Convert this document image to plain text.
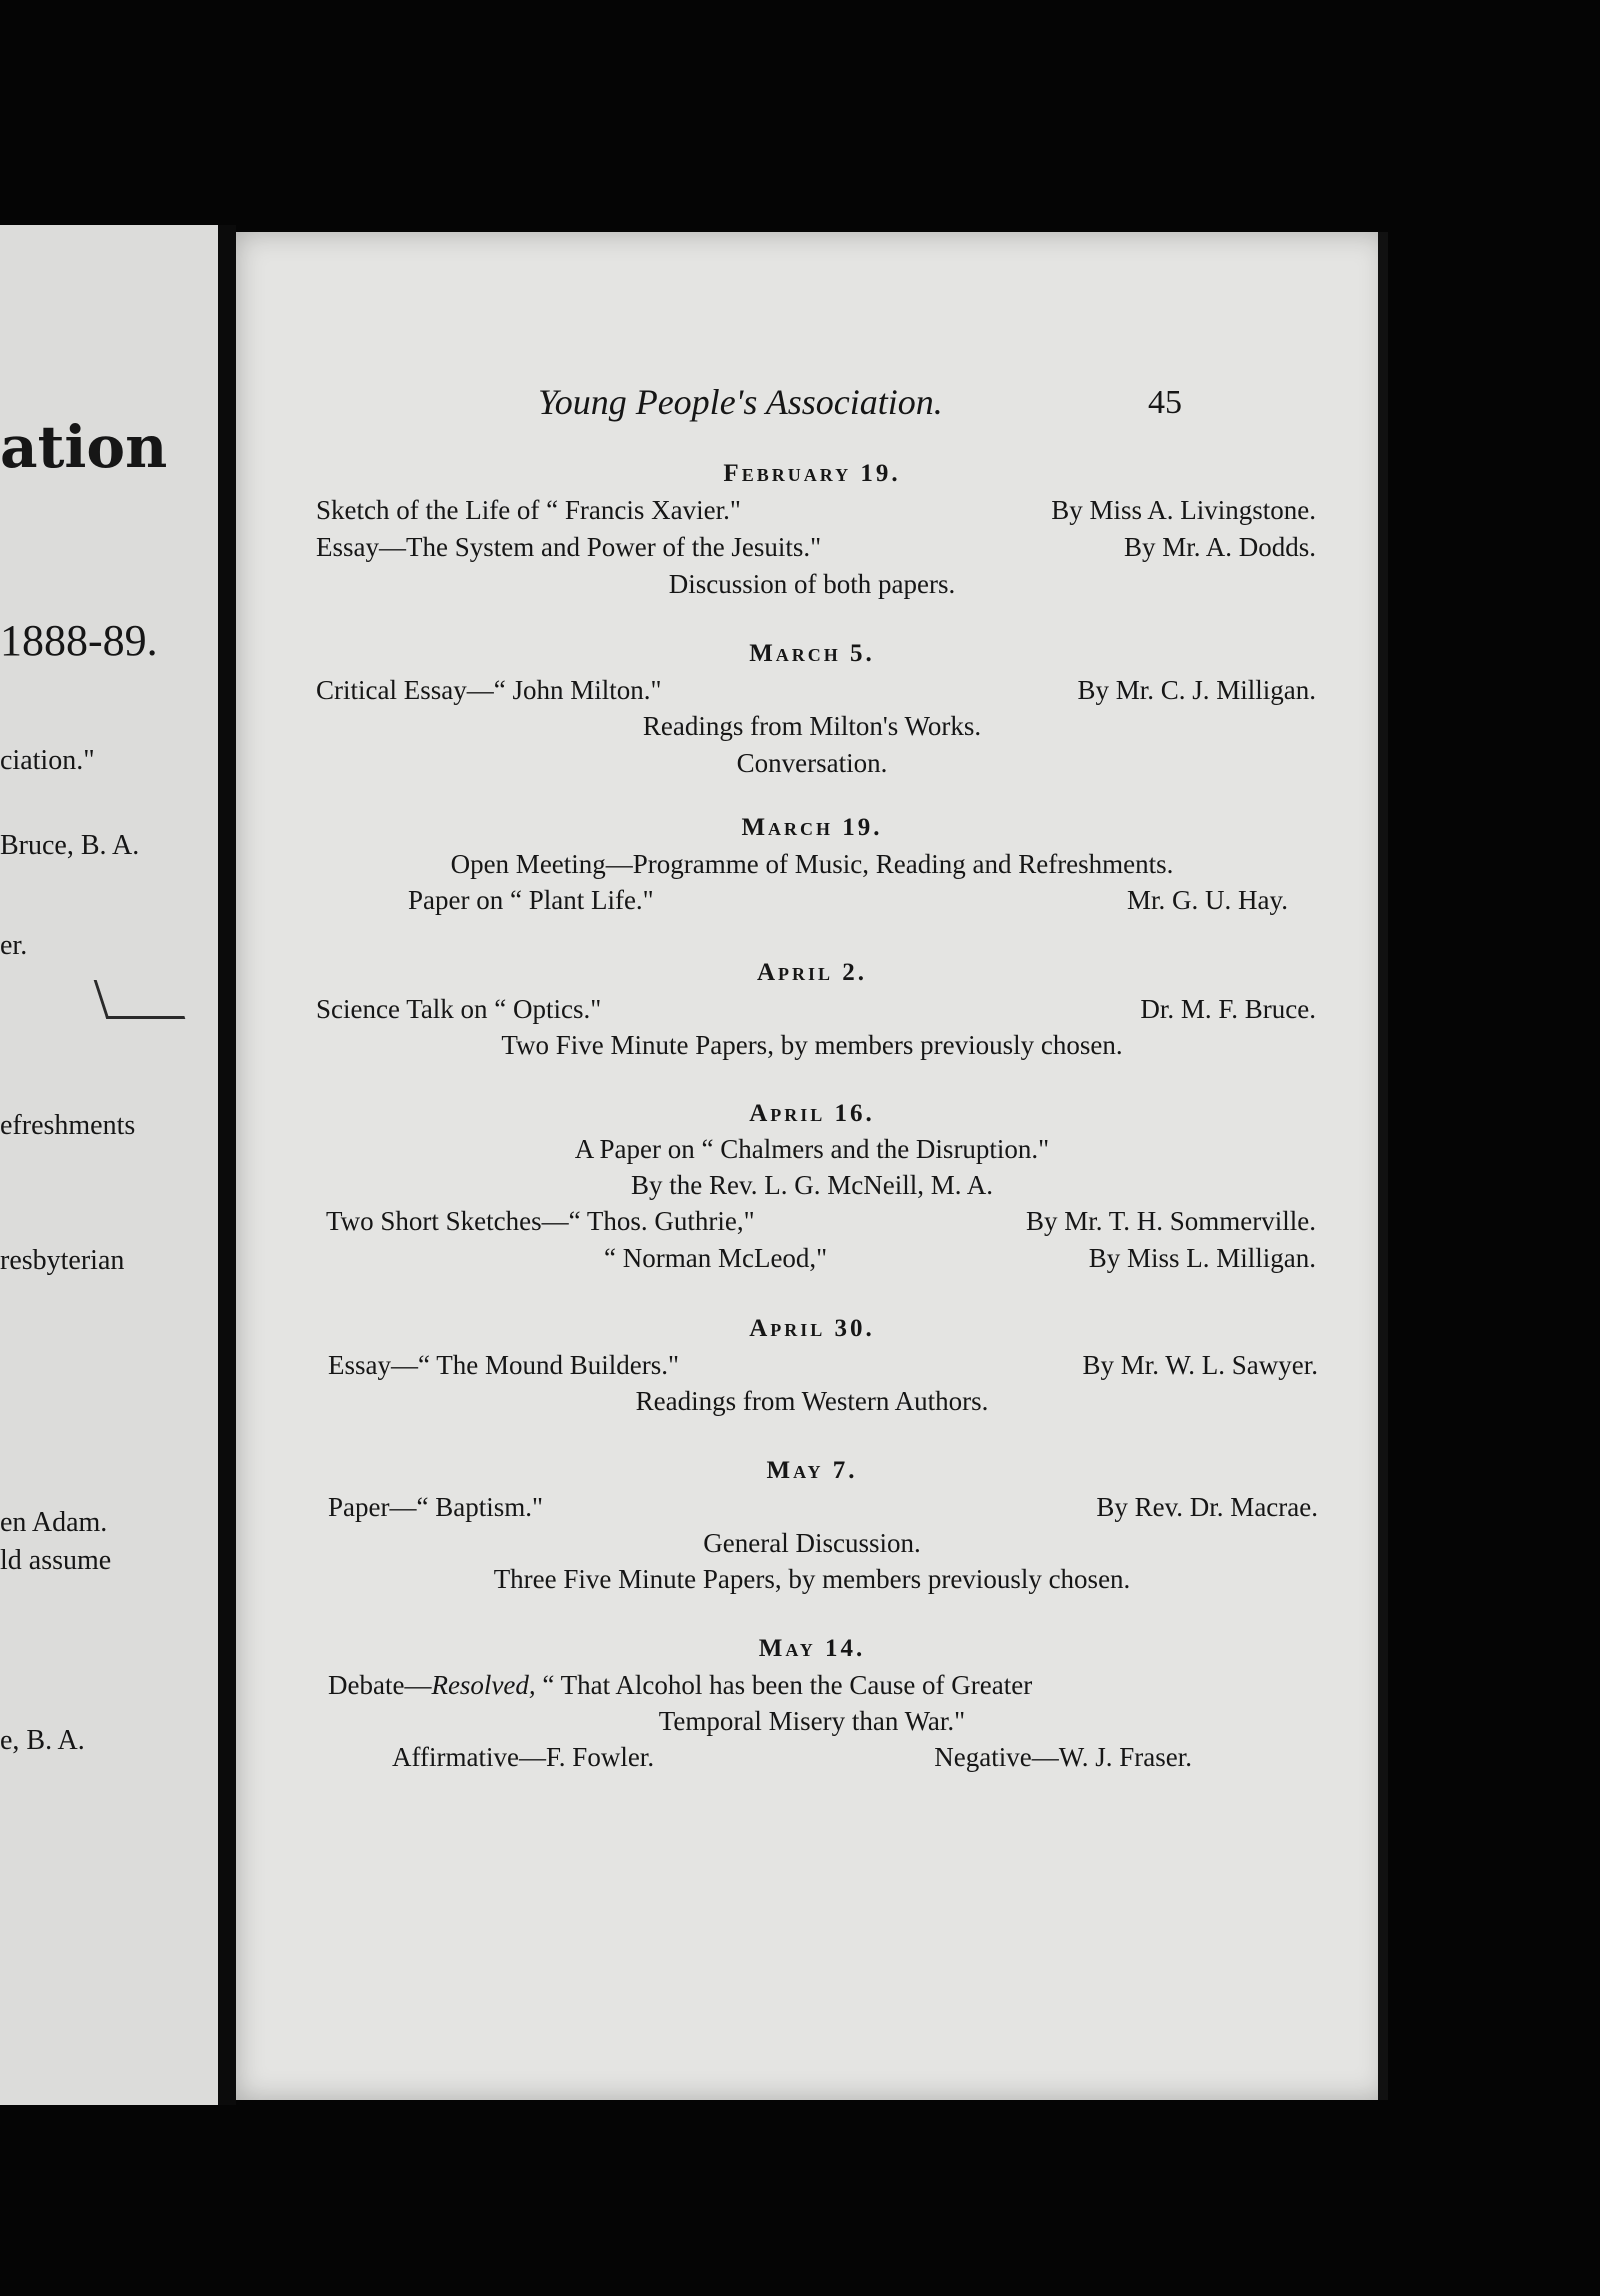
ation
1888-89.
ciation."
Bruce, B. A.
er.
efreshments
resbyterian
en Adam.
ld assume
e, B. A.
Young People's Association.	45
February 19.
Sketch of the Life of “ Francis Xavier."	By Miss A. Livingstone.
Essay—The System and Power of the Jesuits."	By Mr. A. Dodds.
Discussion of both papers.
March 5.
Critical Essay—“ John Milton."	By Mr. C. J. Milligan.
Readings from Milton's Works.
Conversation.
March 19.
Open Meeting—Programme of Music, Reading and Refreshments.
Paper on “ Plant Life."	Mr. G. U. Hay.
April 2.
Science Talk on “ Optics."	Dr. M. F. Bruce.
Two Five Minute Papers, by members previously chosen.
April 16.
A Paper on “ Chalmers and the Disruption."
By the Rev. L. G. McNeill, M. A.
Two Short Sketches—“ Thos. Guthrie,"	By Mr. T. H. Sommerville.
“ Norman McLeod,"	By Miss L. Milligan.
April 30.
Essay—“ The Mound Builders."	By Mr. W. L. Sawyer.
Readings from Western Authors.
May 7.
Paper—“ Baptism."	By Rev. Dr. Macrae.
General Discussion.
Three Five Minute Papers, by members previously chosen.
May 14.
Debate—Resolved, “ That Alcohol has been the Cause of Greater
Temporal Misery than War."
Affirmative—F. Fowler.	Negative—W. J. Fraser.
